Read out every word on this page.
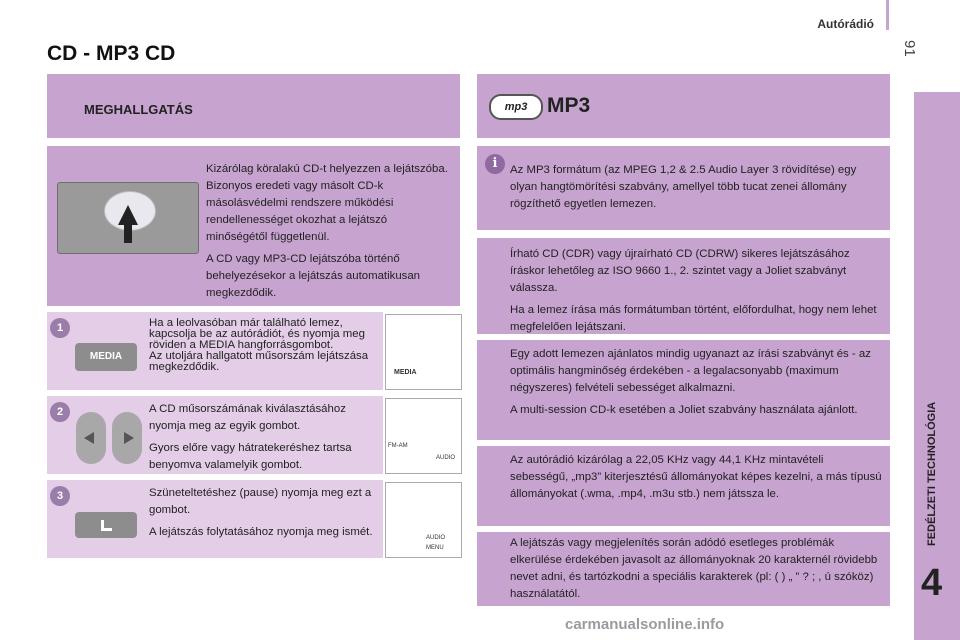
Autórádió
91
CD - MP3 CD
4
MEGHALLGATÁS

Kizárólag köralakú CD-t helyezzen a lejátszóba. Bizonyos eredeti vagy másolt CD-k másolásvédelmi rendszere működési rendellenességet okozhat a lejátszó minőségétől függetlenül.

A CD vagy MP3-CD lejátszóba történő behelyezésekor a lejátszás automatikusan megkezdődik.

1
MEDIA
Ha a leolvasóban már található lemez, kapcsolja be az autórádiót, és nyomja meg röviden a MEDIA hangforrásgombot.
Az utoljára hallgatott műsorszám lejátszása megkezdődik.	MEDIA
2	A CD műsorszámának kiválasztásához nyomja meg az egyik gombot.

Gyors előre vagy hátratekeréshez tartsa benyomva valamelyik gombot.

FM-AM
AUDIO
3	Szüneteltetéshez (pause) nyomja meg ezt a gombot.

A lejátszás folytatásához nyomja meg ismét.	AUDIO
MENU
mp3 MP3
i	Az MP3 formátum (az MPEG 1,2 & 2.5 Audio Layer 3 rövidítése) egy olyan hangtömörítési szabvány, amellyel több tucat zenei állomány rögzíthető egyetlen lemezen.

Írható CD (CDR) vagy újraírható CD (CDRW) sikeres lejátszásához íráskor lehetőleg az ISO 9660 1., 2. szintet vagy a Joliet szabványt válassza.

Ha a lemez írása más formátumban történt, előfordulhat, hogy nem lehet megfelelően lejátszani.

Egy adott lemezen ajánlatos mindig ugyanazt az írási szabványt és - az optimális hangminőség érdekében - a legalacsonyabb (maximum négyszeres) felvételi sebességet alkalmazni.

A multi-session CD-k esetében a Joliet szabvány használata ajánlott.

Az autórádió kizárólag a 22,05 KHz vagy 44,1 KHz mintavételi sebességű, „mp3” kiterjesztésű állományokat képes kezelni, a más típusú állományokat (.wma, .mp4, .m3u stb.) nem játssza le.

A lejátszás vagy megjelenítés során adódó esetleges problémák elkerülése érdekében javasolt az állományoknak 20 karakternél rövidebb nevet adni, és tartózkodni a speciális karakterek (pl: ( ) „ ” ? ; , ú szóköz) használatától.

carmanualsonline.info
